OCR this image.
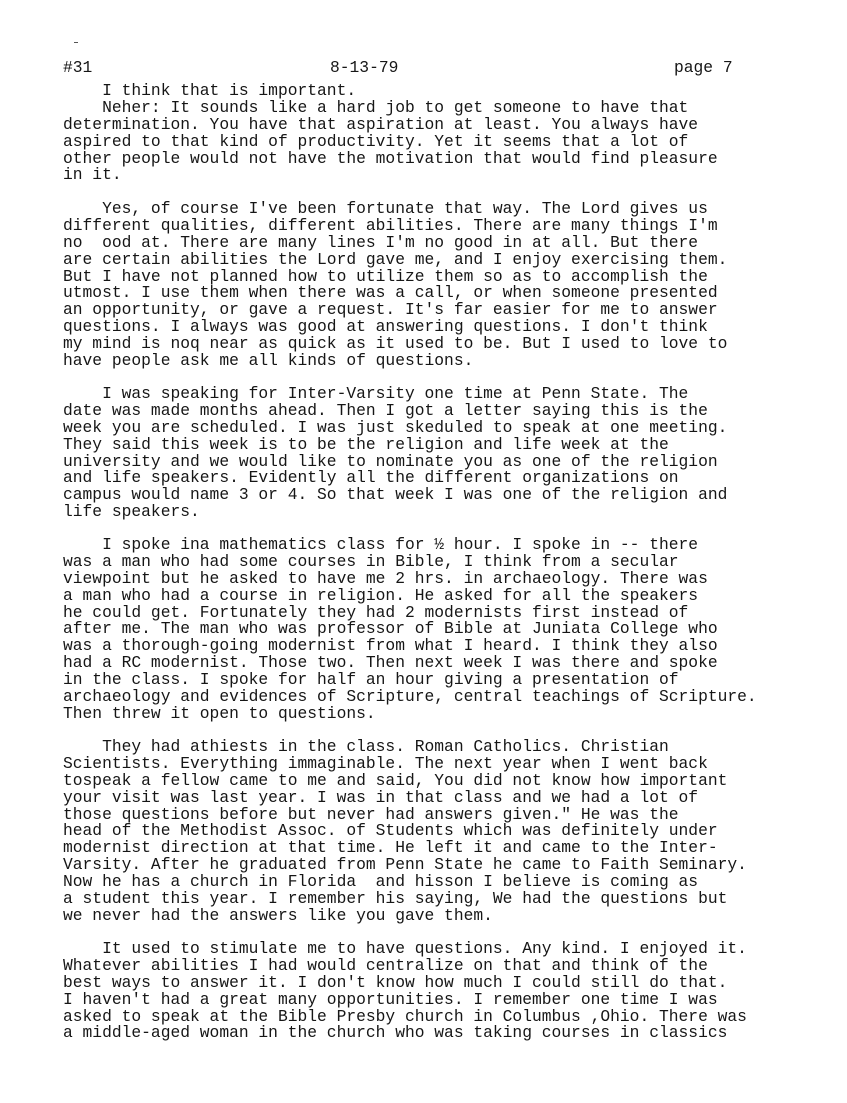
#31	8-13-79	page 7
I think that is important.
Neher: It sounds like a hard job to get someone to have that
determination. You have that aspiration at least. You always have
aspired to that kind of productivity. Yet it seems that a lot of
other people would not have the motivation that would find pleasure
in it.
Yes, of course I've been fortunate that way. The Lord gives us
different qualities, different abilities. There are many things I'm
no  ood at. There are many lines I'm no good in at all. But there
are certain abilities the Lord gave me, and I enjoy exercising them.
But I have not planned how to utilize them so as to accomplish the
utmost. I use them when there was a call, or when someone presented
an opportunity, or gave a request. It's far easier for me to answer
questions. I always was good at answering questions. I don't think
my mind is noq near as quick as it used to be. But I used to love to
have people ask me all kinds of questions.
I was speaking for Inter-Varsity one time at Penn State. The
date was made months ahead. Then I got a letter saying this is the
week you are scheduled. I was just skeduled to speak at one meeting.
They said this week is to be the religion and life week at the
university and we would like to nominate you as one of the religion
and life speakers. Evidently all the different organizations on
campus would name 3 or 4. So that week I was one of the religion and
life speakers.
I spoke ina mathematics class for ½ hour. I spoke in -- there
was a man who had some courses in Bible, I think from a secular
viewpoint but he asked to have me 2 hrs. in archaeology. There was
a man who had a course in religion. He asked for all the speakers
he could get. Fortunately they had 2 modernists first instead of
after me. The man who was professor of Bible at Juniata College who
was a thorough-going modernist from what I heard. I think they also
had a RC modernist. Those two. Then next week I was there and spoke
in the class. I spoke for half an hour giving a presentation of
archaeology and evidences of Scripture, central teachings of Scripture.
Then threw it open to questions.
They had athiests in the class. Roman Catholics. Christian
Scientists. Everything immaginable. The next year when I went back
tospeak a fellow came to me and said, You did not know how important
your visit was last year. I was in that class and we had a lot of
those questions before but never had answers given." He was the
head of the Methodist Assoc. of Students which was definitely under
modernist direction at that time. He left it and came to the Inter-
Varsity. After he graduated from Penn State he came to Faith Seminary.
Now he has a church in Florida  and hisson I believe is coming as
a student this year. I remember his saying, We had the questions but
we never had the answers like you gave them.
It used to stimulate me to have questions. Any kind. I enjoyed it.
Whatever abilities I had would centralize on that and think of the
best ways to answer it. I don't know how much I could still do that.
I haven't had a great many opportunities. I remember one time I was
asked to speak at the Bible Presby church in Columbus ,Ohio. There was
a middle-aged woman in the church who was taking courses in classics
